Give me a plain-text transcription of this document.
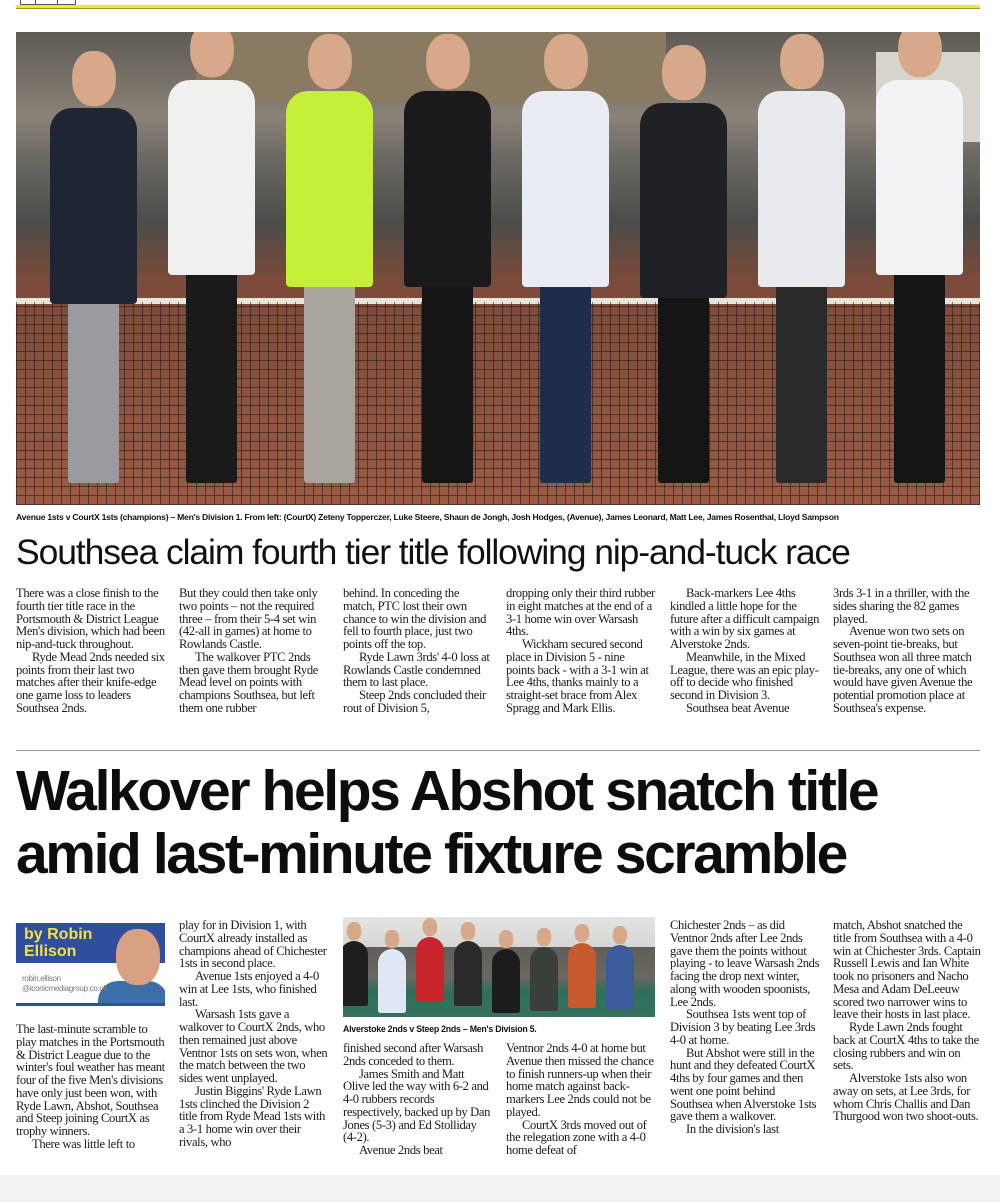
Avenue 1sts v CourtX 1sts (champions) – Men's Division 1. From left: (CourtX) Zeteny Topperczer, Luke Steere, Shaun de Jongh, Josh Hodges, (Avenue), James Leonard, Matt Lee, James Rosenthal, Lloyd Sampson
Southsea claim fourth tier title following nip-and-tuck race

There was a close finish to the fourth tier title race in the Portsmouth & District League Men's division, which had been nip-and-tuck throughout.

Ryde Mead 2nds needed six points from their last two matches after their knife-edge one game loss to leaders Southsea 2nds.

But they could then take only two points – not the required three – from their 5-4 set win (42-all in games) at home to Rowlands Castle.

The walkover PTC 2nds then gave them brought Ryde Mead level on points with champions Southsea, but left them one rubber

behind. In conceding the match, PTC lost their own chance to win the division and fell to fourth place, just two points off the top.

Ryde Lawn 3rds' 4-0 loss at Rowlands Castle condemned them to last place.

Steep 2nds concluded their rout of Division 5,

dropping only their third rubber in eight matches at the end of a 3-1 home win over Warsash 4ths.

Wickham secured second place in Division 5 - nine points back - with a 3-1 win at Lee 4ths, thanks mainly to a straight-set brace from Alex Spragg and Mark Ellis.

Back-markers Lee 4ths kindled a little hope for the future after a difficult campaign with a win by six games at Alverstoke 2nds.

Meanwhile, in the Mixed League, there was an epic play-off to decide who finished second in Division 3.

Southsea beat Avenue

3rds 3-1 in a thriller, with the sides sharing the 82 games played.

Avenue won two sets on seven-point tie-breaks, but Southsea won all three match tie-breaks, any one of which would have given Avenue the potential promotion place at Southsea's expense.

Walkover helps Abshot snatch title
amid last-minute fixture scramble
by Robin
Ellison
robin.ellison
@iconicmediagroup.co.uk
Alverstoke 2nds v Steep 2nds – Men's Division 5.

The last-minute scramble to play matches in the Portsmouth & District League due to the winter's foul weather has meant four of the five Men's divisions have only just been won, with Ryde Lawn, Abshot, Southsea and Steep joining CourtX as trophy winners.

There was little left to

play for in Division 1, with CourtX already installed as champions ahead of Chichester 1sts in second place.

Avenue 1sts enjoyed a 4-0 win at Lee 1sts, who finished last.

Warsash 1sts gave a walkover to CourtX 2nds, who then remained just above Ventnor 1sts on sets won, when the match between the two sides went unplayed.

Justin Biggins' Ryde Lawn 1sts clinched the Division 2 title from Ryde Mead 1sts with a 3-1 home win over their rivals, who

finished second after Warsash 2nds conceded to them.

James Smith and Matt Olive led the way with 6-2 and 4-0 rubbers records respectively, backed up by Dan Jones (5-3) and Ed Stolliday (4-2).

Avenue 2nds beat

Ventnor 2nds 4-0 at home but Avenue then missed the chance to finish runners-up when their home match against back-markers Lee 2nds could not be played.

CourtX 3rds moved out of the relegation zone with a 4-0 home defeat of

Chichester 2nds – as did Ventnor 2nds after Lee 2nds gave them the points without playing - to leave Warsash 2nds facing the drop next winter, along with wooden spoonists, Lee 2nds.

Southsea 1sts went top of Division 3 by beating Lee 3rds 4-0 at home.

But Abshot were still in the hunt and they defeated CourtX 4ths by four games and then went one point behind Southsea when Alverstoke 1sts gave them a walkover.

In the division's last

match, Abshot snatched the title from Southsea with a 4-0 win at Chichester 3rds. Captain Russell Lewis and Ian White took no prisoners and Nacho Mesa and Adam DeLeeuw scored two narrower wins to leave their hosts in last place.

Ryde Lawn 2nds fought back at CourtX 4ths to take the closing rubbers and win on sets.

Alverstoke 1sts also won away on sets, at Lee 3rds, for whom Chris Challis and Dan Thurgood won two shoot-outs.
